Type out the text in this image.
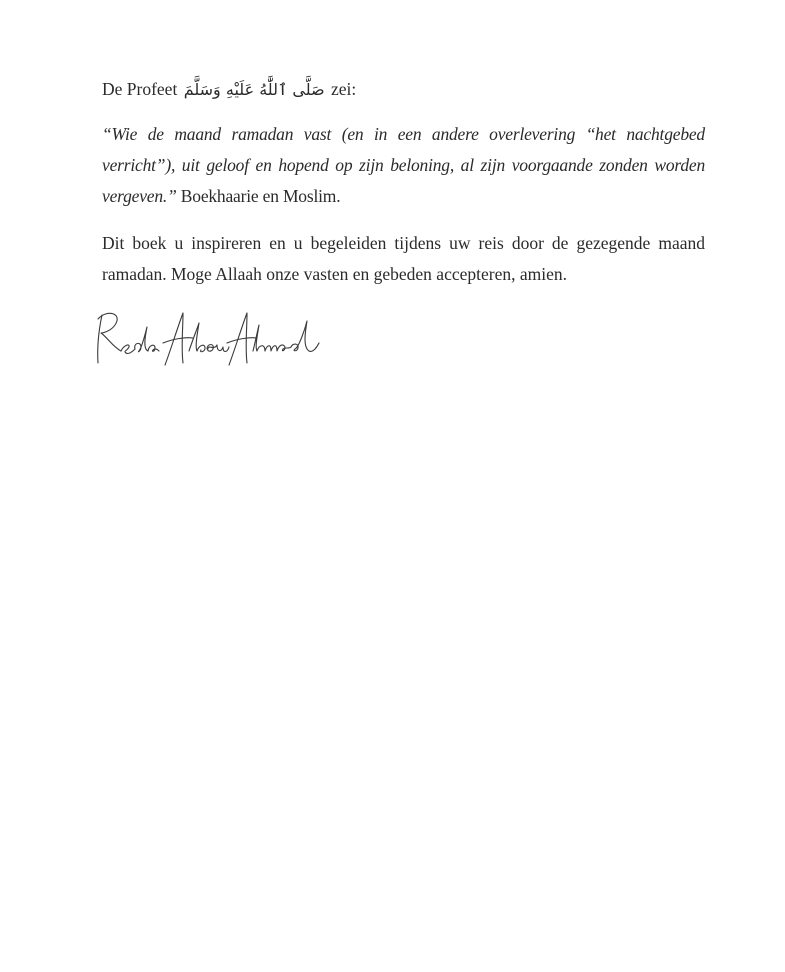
De Profeet صَلَّى ٱللَّٰهُ عَلَيْهِ وَسَلَّمَ zei:

“Wie de maand ramadan vast (en in een andere overlevering ‘‘het nachtgebed verricht”), uit geloof en hopend op zijn beloning, al zijn voorgaande zonden worden vergeven.” Boekhaarie en Moslim.

Dit boek u inspireren en u begeleiden tijdens uw reis door de gezegende maand ramadan. Moge Allaah onze vasten en gebeden accepteren, amien.
